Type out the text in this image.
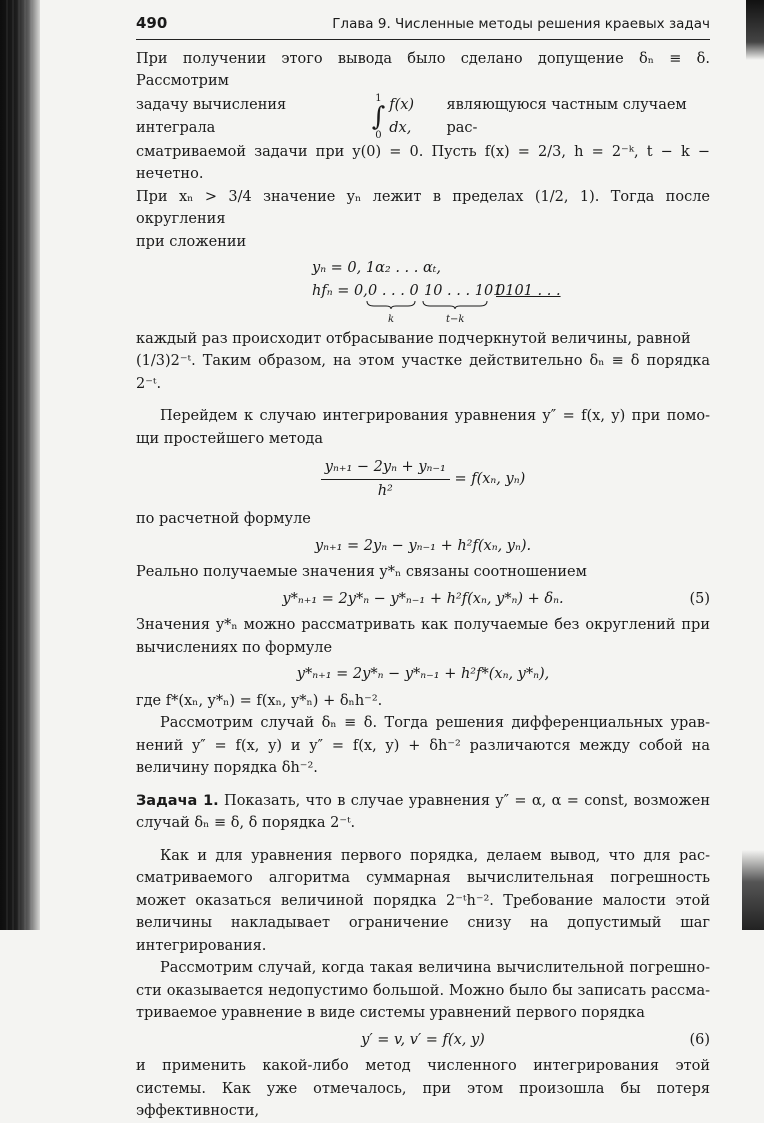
490	Глава 9. Численные методы решения краевых задач

При получении этого вывода было сделано допущение δₙ ≡ δ. Рассмотрим

задачу вычисления интеграла
1
∫
0
f(x) dx,
являющуюся частным случаем рас-

сматриваемой задачи при y(0) = 0. Пусть f(x) = 2/3, h = 2⁻ᵏ, t − k − нечетно.

При xₙ > 3/4 значение yₙ лежит в пределах (1/2, 1). Тогда после округления

при сложении

yₙ = 0, 1α₂ . . . αₜ,
hfₙ = 0, 0 . . . 0
k
10 . . . 101
t−k
0101 . . .

каждый раз происходит отбрасывание подчеркнутой величины, равной

(1/3)2⁻ᵗ. Таким образом, на этом участке действительно δₙ ≡ δ порядка 2⁻ᵗ.

Перейдем к случаю интегрирования уравнения y″ = f(x, y) при помо-щи простейшего метода

$\frac{\text{yₙ₊₁ − 2yₙ + yₙ₋₁}}{\text{h²}} = f(x_n$, yₙ)

по расчетной формуле

yₙ₊₁ = 2yₙ − yₙ₋₁ + h²f(xₙ, yₙ).

Реально получаемые значения y*ₙ связаны соотношением

y*ₙ₊₁ = 2y*ₙ − y*ₙ₋₁ + h²f(xₙ, y*ₙ) + δₙ.	(5)

Значения y*ₙ можно рассматривать как получаемые без округлений при вычислениях по формуле

y*ₙ₊₁ = 2y*ₙ − y*ₙ₋₁ + h²f*(xₙ, y*ₙ),

где f*(xₙ, y*ₙ) = f(xₙ, y*ₙ) + δₙh⁻².

Рассмотрим случай δₙ ≡ δ. Тогда решения дифференциальных урав-нений y″ = f(x, y) и y″ = f(x, y) + δh⁻² различаются между собой на величину порядка δh⁻².

Задача 1. Показать, что в случае уравнения y″ = α, α = const, возможен случай δₙ ≡ δ, δ порядка 2⁻ᵗ.

Как и для уравнения первого порядка, делаем вывод, что для рас-сматриваемого алгоритма суммарная вычислительная погрешность может оказаться величиной порядка 2⁻ᵗh⁻². Требование малости этой величины накладывает ограничение снизу на допустимый шаг интегрирования.

Рассмотрим случай, когда такая величина вычислительной погрешно-сти оказывается недопустимо большой. Можно было бы записать рассма-триваемое уравнение в виде системы уравнений первого порядка

y′ = v, v′ = f(x, y)	(6)

и применить какой-либо метод численного интегрирования этой системы. Как уже отмечалось, при этом произошла бы потеря эффективности,
